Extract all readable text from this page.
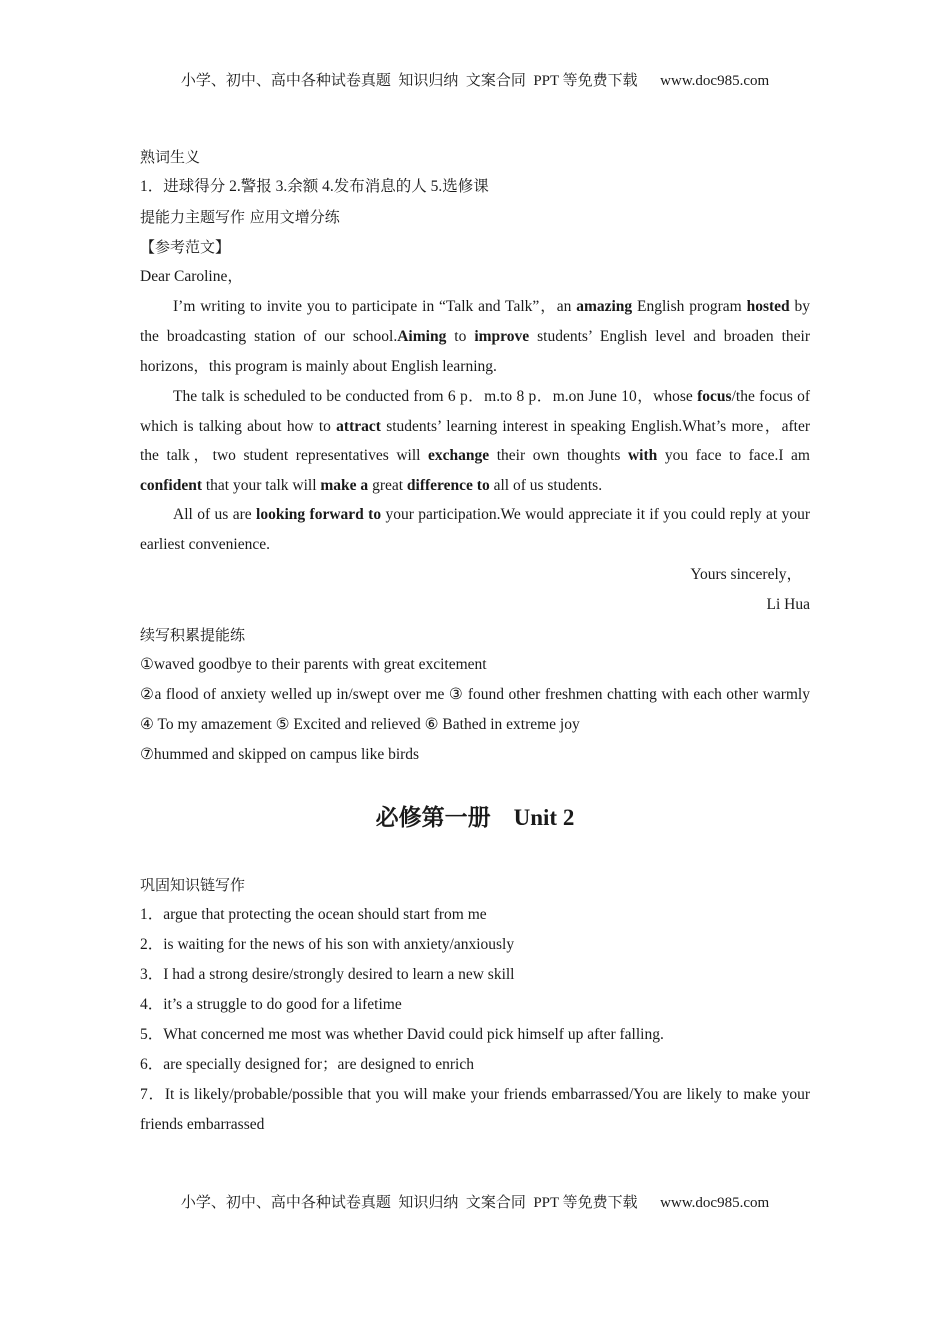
小学、初中、高中各种试卷真题  知识归纳  文案合同  PPT 等免费下载      www.doc985.com
熟词生义
1．进球得分 2.警报 3.余额 4.发布消息的人 5.选修课
提能力主题写作 应用文增分练
【参考范文】
Dear Caroline，

I’m writing to invite you to participate in “Talk and Talk”，an amazing English program hosted by the broadcasting station of our school.Aiming to improve students’ English level and broaden their horizons，this program is mainly about English learning.

The talk is scheduled to be conducted from 6 p．m.to 8 p．m.on June 10，whose focus/the focus of which is talking about how to attract students’ learning interest in speaking English.What’s more，after the talk，two student representatives will exchange their own thoughts with you face to face.I am confident that your talk will make a great difference to all of us students.

All of us are looking forward to your participation.We would appreciate it if you could reply at your earliest convenience.

Yours sincerely，
Li Hua
续写积累提能练
①waved goodbye to their parents with great excitement

②a flood of anxiety welled up in/swept over me ③ found other freshmen chatting with each other warmly ④ To my amazement ⑤ Excited and relieved ⑥ Bathed in extreme joy

⑦hummed and skipped on campus like birds
必修第一册 Unit 2
巩固知识链写作
1．argue that protecting the ocean should start from me
2．is waiting for the news of his son with anxiety/anxiously
3．I had a strong desire/strongly desired to learn a new skill
4．it’s a struggle to do good for a lifetime
5．What concerned me most was whether David could pick himself up after falling.
6．are specially designed for；are designed to enrich

7．It is likely/probable/possible that you will make your friends embarrassed/You are likely to make your friends embarrassed

小学、初中、高中各种试卷真题  知识归纳  文案合同  PPT 等免费下载      www.doc985.com
